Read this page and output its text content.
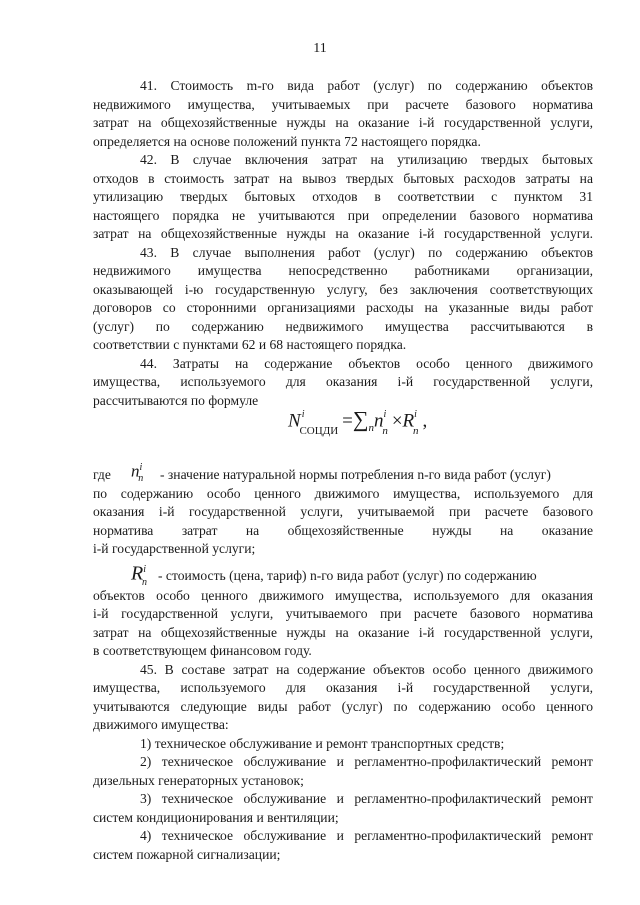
11
41. Стоимость m-го вида работ (услуг) по содержанию объектов
недвижимого имущества, учитываемых при расчете базового норматива
затрат на общехозяйственные нужды на оказание i-й государственной услуги,
определяется на основе положений пункта 72 настоящего порядка.
42. В случае включения затрат на утилизацию твердых бытовых
отходов в стоимость затрат на вывоз твердых бытовых расходов затраты на
утилизацию твердых бытовых отходов в соответствии с пунктом 31
настоящего порядка не учитываются при определении базового норматива
затрат на общехозяйственные нужды на оказание i-й государственной услуги.
43. В случае выполнения работ (услуг) по содержанию объектов
недвижимого имущества непосредственно работниками организации,
оказывающей i-ю государственную услугу, без заключения соответствующих
договоров со сторонними организациями расходы на указанные виды работ
(услуг) по содержанию недвижимого имущества рассчитываются в
соответствии с пунктами 62 и 68 настоящего порядка.
44. Затраты на содержание объектов особо ценного движимого
имущества, используемого для оказания i-й государственной услуги,
рассчитываются по формуле
- значение натуральной нормы потребления n-го вида работ (услуг)
по содержанию особо ценного движимого имущества, используемого для
оказания i-й государственной услуги, учитываемой при расчете базового
норматива затрат на общехозяйственные нужды на оказание
i-й государственной услуги;
- стоимость (цена, тариф) n-го вида работ (услуг) по содержанию
объектов особо ценного движимого имущества, используемого для оказания
i-й государственной услуги, учитываемого при расчете базового норматива
затрат на общехозяйственные нужды на оказание i-й государственной услуги,
в соответствующем финансовом году.
45. В составе затрат на содержание объектов особо ценного движимого
имущества, используемого для оказания i-й государственной услуги,
учитываются следующие виды работ (услуг) по содержанию особо ценного
движимого имущества:
1) техническое обслуживание и ремонт транспортных средств;
2) техническое обслуживание и регламентно-профилактический ремонт
дизельных генераторных установок;
3) техническое обслуживание и регламентно-профилактический ремонт
систем кондиционирования и вентиляции;
4) техническое обслуживание и регламентно-профилактический ремонт
систем пожарной сигнализации;
$N^i_{СОЦДИ} =\sum_nn^i_n \times R^i_n$ ,
где $n^i_n$
$R^i_n$
